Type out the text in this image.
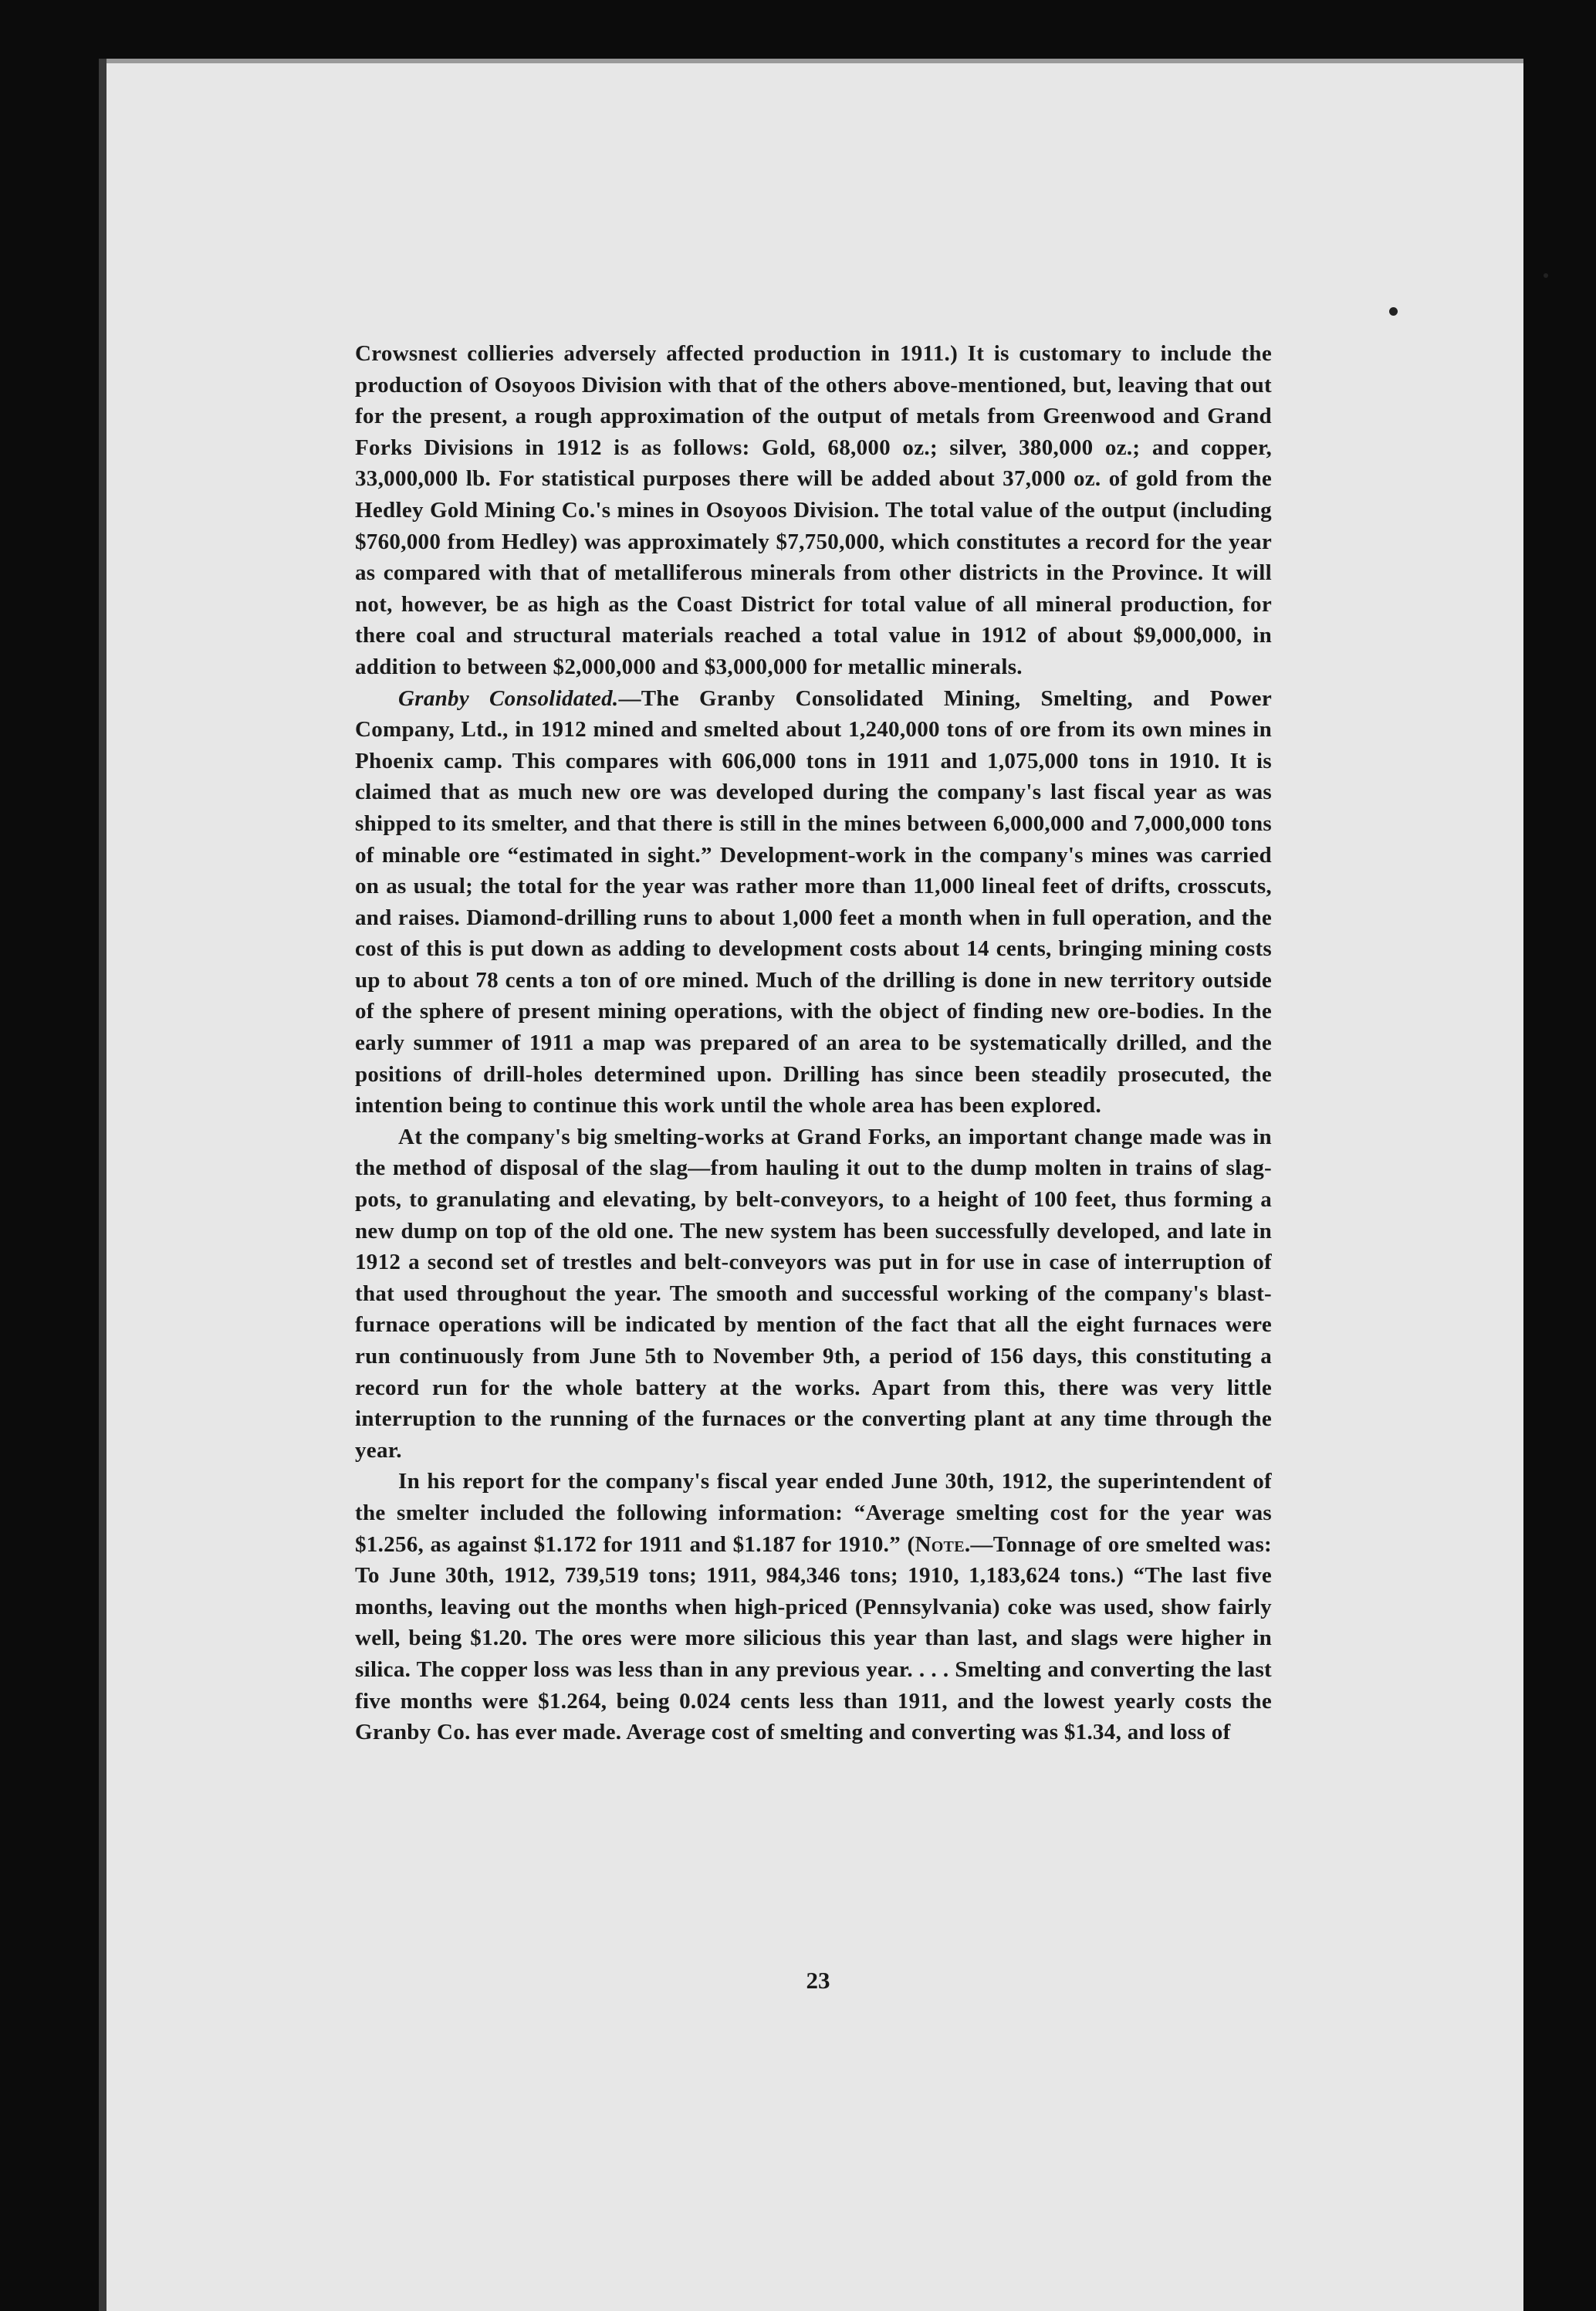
Crowsnest collieries adversely affected production in 1911.) It is customary to include the production of Osoyoos Division with that of the others above-mentioned, but, leaving that out for the present, a rough approximation of the output of metals from Greenwood and Grand Forks Divisions in 1912 is as follows: Gold, 68,000 oz.; silver, 380,000 oz.; and copper, 33,000,000 lb. For statistical purposes there will be added about 37,000 oz. of gold from the Hedley Gold Mining Co.'s mines in Osoyoos Division. The total value of the output (including $760,000 from Hedley) was approximately $7,750,000, which constitutes a record for the year as compared with that of metalliferous minerals from other districts in the Province. It will not, however, be as high as the Coast District for total value of all mineral production, for there coal and structural materials reached a total value in 1912 of about $9,000,000, in addition to between $2,000,000 and $3,000,000 for metallic minerals.

Granby Consolidated.—The Granby Consolidated Mining, Smelting, and Power Company, Ltd., in 1912 mined and smelted about 1,240,000 tons of ore from its own mines in Phoenix camp. This compares with 606,000 tons in 1911 and 1,075,000 tons in 1910. It is claimed that as much new ore was developed during the company's last fiscal year as was shipped to its smelter, and that there is still in the mines between 6,000,000 and 7,000,000 tons of minable ore “estimated in sight.” Development-work in the company's mines was carried on as usual; the total for the year was rather more than 11,000 lineal feet of drifts, crosscuts, and raises. Diamond-drilling runs to about 1,000 feet a month when in full operation, and the cost of this is put down as adding to development costs about 14 cents, bringing mining costs up to about 78 cents a ton of ore mined. Much of the drilling is done in new territory outside of the sphere of present mining operations, with the object of finding new ore-bodies. In the early summer of 1911 a map was prepared of an area to be systematically drilled, and the positions of drill-holes determined upon. Drilling has since been steadily prosecuted, the intention being to continue this work until the whole area has been explored.

At the company's big smelting-works at Grand Forks, an important change made was in the method of disposal of the slag—from hauling it out to the dump molten in trains of slag-pots, to granulating and elevating, by belt-conveyors, to a height of 100 feet, thus forming a new dump on top of the old one. The new system has been successfully developed, and late in 1912 a second set of trestles and belt-conveyors was put in for use in case of interruption of that used throughout the year. The smooth and successful working of the company's blast-furnace operations will be indicated by mention of the fact that all the eight furnaces were run continuously from June 5th to November 9th, a period of 156 days, this constituting a record run for the whole battery at the works. Apart from this, there was very little interruption to the running of the furnaces or the converting plant at any time through the year.

In his report for the company's fiscal year ended June 30th, 1912, the superintendent of the smelter included the following information: “Average smelting cost for the year was $1.256, as against $1.172 for 1911 and $1.187 for 1910.” (Note.—Tonnage of ore smelted was: To June 30th, 1912, 739,519 tons; 1911, 984,346 tons; 1910, 1,183,624 tons.) “The last five months, leaving out the months when high-priced (Pennsylvania) coke was used, show fairly well, being $1.20. The ores were more silicious this year than last, and slags were higher in silica. The copper loss was less than in any previous year. . . . Smelting and converting the last five months were $1.264, being 0.024 cents less than 1911, and the lowest yearly costs the Granby Co. has ever made. Average cost of smelting and converting was $1.34, and loss of

23
